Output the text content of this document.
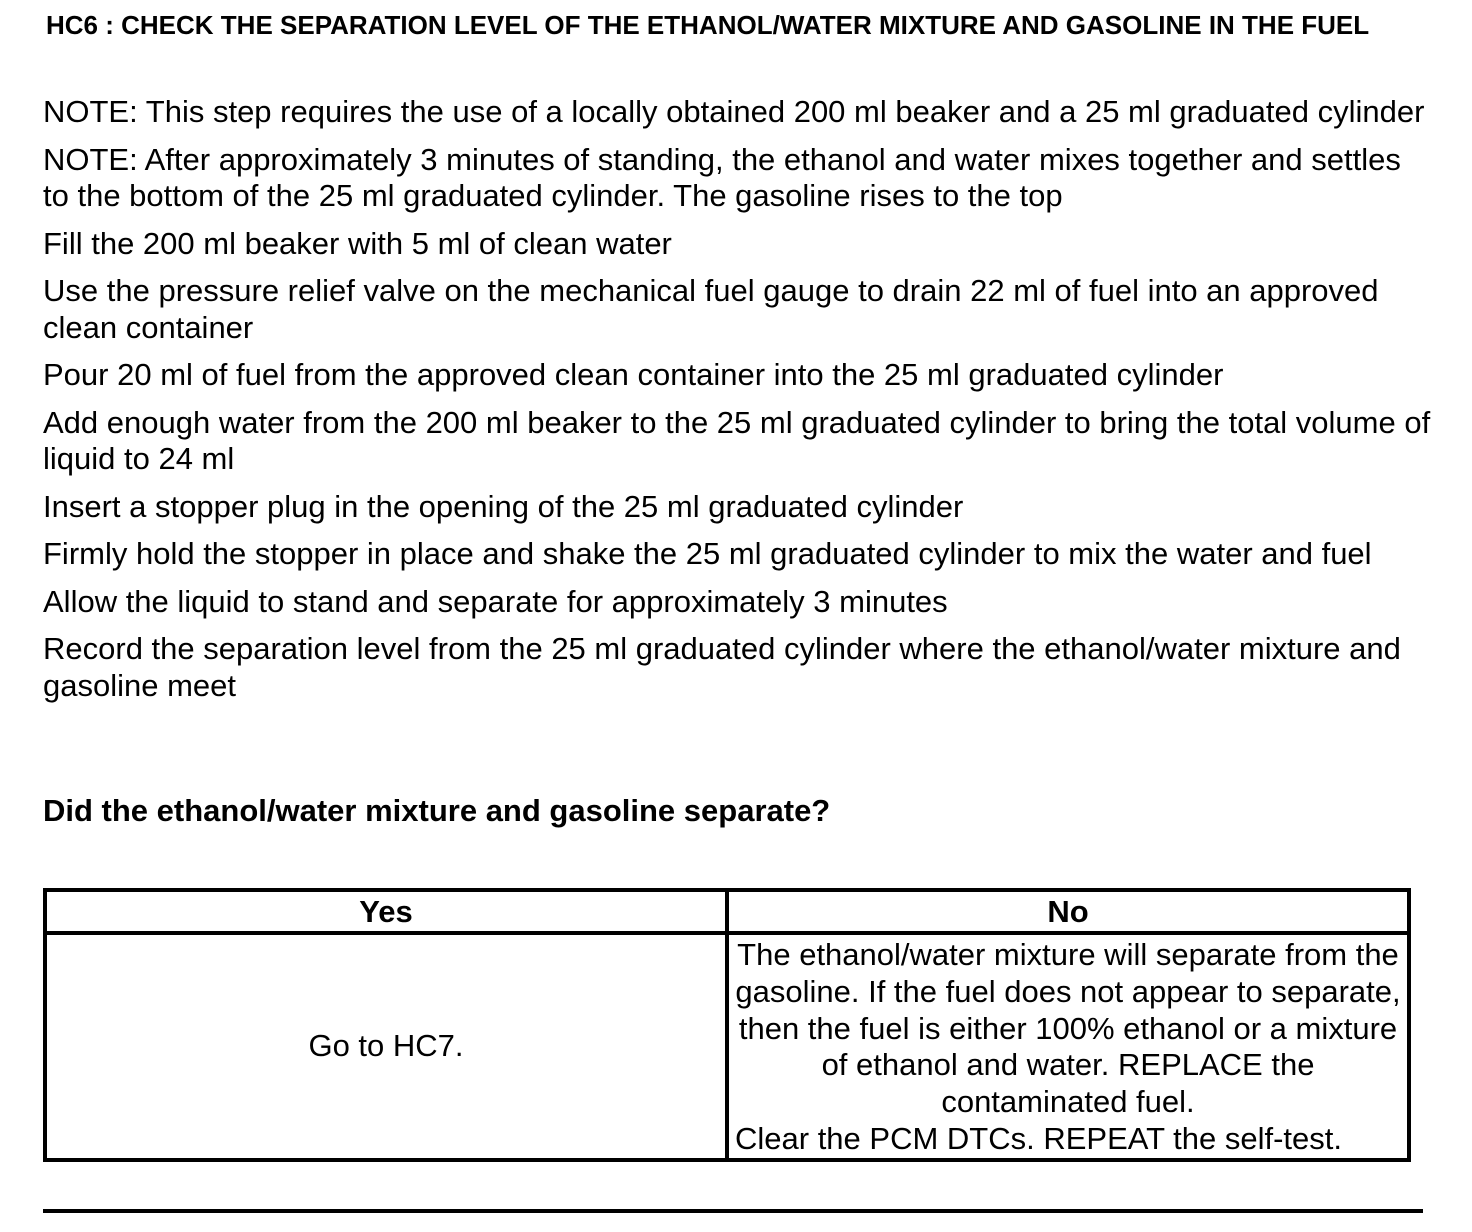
HC6 : CHECK THE SEPARATION LEVEL OF THE ETHANOL/WATER MIXTURE AND GASOLINE IN THE FUEL
NOTE: This step requires the use of a locally obtained 200 ml beaker and a 25 ml graduated cylinder
NOTE: After approximately 3 minutes of standing, the ethanol and water mixes together and settles to the bottom of the 25 ml graduated cylinder. The gasoline rises to the top
Fill the 200 ml beaker with 5 ml of clean water
Use the pressure relief valve on the mechanical fuel gauge to drain 22 ml of fuel into an approved clean container
Pour 20 ml of fuel from the approved clean container into the 25 ml graduated cylinder
Add enough water from the 200 ml beaker to the 25 ml graduated cylinder to bring the total volume of liquid to 24 ml
Insert a stopper plug in the opening of the 25 ml graduated cylinder
Firmly hold the stopper in place and shake the 25 ml graduated cylinder to mix the water and fuel
Allow the liquid to stand and separate for approximately 3 minutes
Record the separation level from the 25 ml graduated cylinder where the ethanol/water mixture and gasoline meet

Did the ethanol/water mixture and gasoline separate?

Yes	No
Go to HC7.	The ethanol/water mixture will separate from the gasoline. If the fuel does not appear to separate, then the fuel is either 100% ethanol or a mixture of ethanol and water. REPLACE the contaminated fuel.
Clear the PCM DTCs. REPEAT the self-test.
